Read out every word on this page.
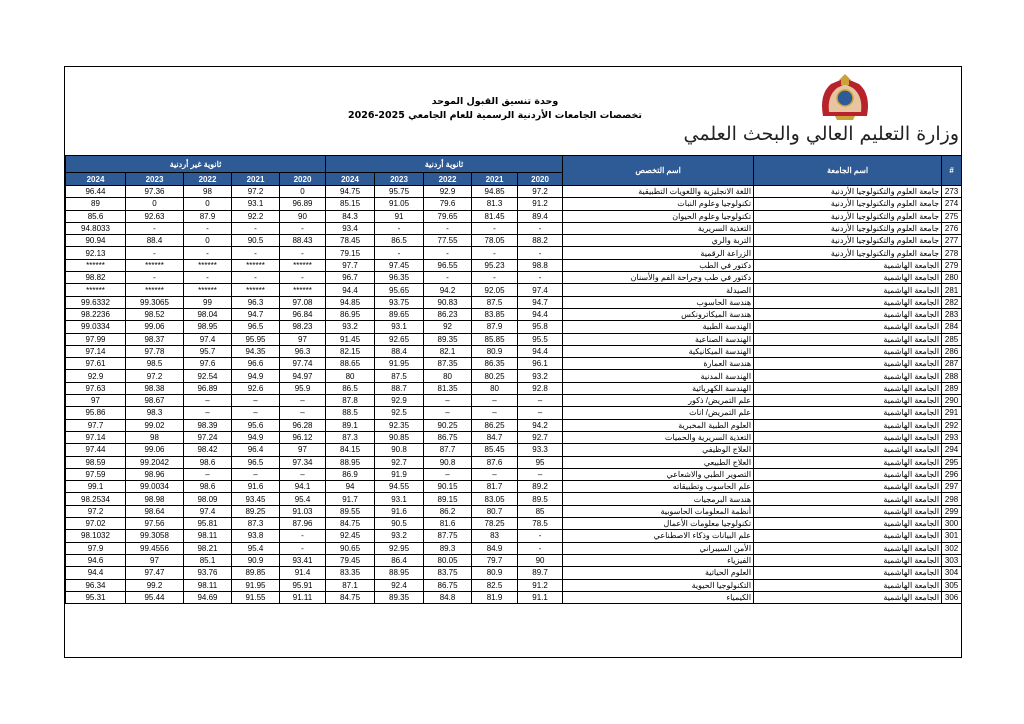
وحدة تنسيق القبول الموحد
تخصصات الجامعات الأردنية الرسمية للعام الجامعي 2025-2026
وزارة التعليم العالي والبحث العلمي
ثانوية غير أردنية					ثانوية أردنية					اسم التخصص	اسم الجامعة	#
2024	2023	2022	2021	2020	2024	2023	2022	2021	2020			
96.44	97.36	98	97.2	0	94.75	95.75	92.9	94.85	97.2	اللغة الانجليزية واللغويات التطبيقية	جامعة العلوم والتكنولوجيا الأردنية	273
89	0	0	93.1	96.89	85.15	91.05	79.6	81.3	91.2	تكنولوجيا وعلوم النبات	جامعة العلوم والتكنولوجيا الأردنية	274
85.6	92.63	87.9	92.2	90	84.3	91	79.65	81.45	89.4	تكنولوجيا وعلوم الحيوان	جامعة العلوم والتكنولوجيا الأردنية	275
94.8033	-	-	-	-	93.4	-	-	-	-	التغذية السريرية	جامعة العلوم والتكنولوجيا الأردنية	276
90.94	88.4	0	90.5	88.43	78.45	86.5	77.55	78.05	88.2	التربة والري	جامعة العلوم والتكنولوجيا الأردنية	277
92.13	-	-	-	-	79.15	-	-	-	-	الزراعة الرقمية	جامعة العلوم والتكنولوجيا الأردنية	278
******	******	******	******	******	97.7	97.45	96.55	95.23	98.8	دكتور في الطب	الجامعة الهاشمية	279
98.82	-	-	-	-	96.7	96.35	-	-	-	دكتور في طب وجراحة الفم والأسنان	الجامعة الهاشمية	280
******	******	******	******	******	94.4	95.65	94.2	92.05	97.4	الصيدلة	الجامعة الهاشمية	281
99.6332	99.3065	99	96.3	97.08	94.85	93.75	90.83	87.5	94.7	هندسة الحاسوب	الجامعة الهاشمية	282
98.2236	98.52	98.04	94.7	96.84	86.95	89.65	86.23	83.85	94.4	هندسة الميكاترونكس	الجامعة الهاشمية	283
99.0334	99.06	98.95	96.5	98.23	93.2	93.1	92	87.9	95.8	الهندسة الطبية	الجامعة الهاشمية	284
97.99	98.37	97.4	95.95	97	91.45	92.65	89.35	85.85	95.5	الهندسة الصناعية	الجامعة الهاشمية	285
97.14	97.78	95.7	94.35	96.3	82.15	88.4	82.1	80.9	94.4	الهندسة الميكانيكية	الجامعة الهاشمية	286
97.61	98.5	97.6	96.6	97.74	88.65	91.95	87.35	86.35	96.1	هندسة العمارة	الجامعة الهاشمية	287
92.9	97.2	92.54	94.9	94.97	80	87.5	80	80.25	93.2	الهندسة المدنية	الجامعة الهاشمية	288
97.63	98.38	96.89	92.6	95.9	86.5	88.7	81.35	80	92.8	الهندسة الكهربائية	الجامعة الهاشمية	289
97	98.67	–	–	–	87.8	92.9	–	–	–	علم التمريض/ ذكور	الجامعة الهاشمية	290
95.86	98.3	–	–	–	88.5	92.5	–	–	–	علم التمريض/ اناث	الجامعة الهاشمية	291
97.7	99.02	98.39	95.6	96.28	89.1	92.35	90.25	86.25	94.2	العلوم الطبية المخبرية	الجامعة الهاشمية	292
97.14	98	97.24	94.9	96.12	87.3	90.85	86.75	84.7	92.7	التغذية السريرية والحميات	الجامعة الهاشمية	293
97.44	99.06	98.42	96.4	97	84.15	90.8	87.7	85.45	93.3	العلاج الوظيفي	الجامعة الهاشمية	294
98.59	99.2042	98.6	96.5	97.34	88.95	92.7	90.8	87.6	95	العلاج الطبيعي	الجامعة الهاشمية	295
97.59	98.96	–	–	–	86.9	91.9	–	–	–	التصوير الطبي والاشعاعي	الجامعة الهاشمية	296
99.1	99.0034	98.6	91.6	94.1	94	94.55	90.15	81.7	89.2	علم الحاسوب وتطبيقاته	الجامعة الهاشمية	297
98.2534	98.98	98.09	93.45	95.4	91.7	93.1	89.15	83.05	89.5	هندسة البرمجيات	الجامعة الهاشمية	298
97.2	98.64	97.4	89.25	91.03	89.55	91.6	86.2	80.7	85	أنظمة المعلومات الحاسوبية	الجامعة الهاشمية	299
97.02	97.56	95.81	87.3	87.96	84.75	90.5	81.6	78.25	78.5	تكنولوجيا معلومات الأعمال	الجامعة الهاشمية	300
98.1032	99.3058	98.11	93.8	-	92.45	93.2	87.75	83	-	علم البيانات وذكاء الاصطناعي	الجامعة الهاشمية	301
97.9	99.4556	98.21	95.4	-	90.65	92.95	89.3	84.9	-	الأمن السيبراني	الجامعة الهاشمية	302
94.6	97	85.1	90.9	93.41	79.45	86.4	80.05	79.7	90	الفيزياء	الجامعة الهاشمية	303
94.4	97.47	93.76	89.85	91.4	83.35	88.95	83.75	80.9	89.7	العلوم الحياتية	الجامعة الهاشمية	304
96.34	99.2	98.11	91.95	95.91	87.1	92.4	86.75	82.5	91.2	التكنولوجيا الحيوية	الجامعة الهاشمية	305
95.31	95.44	94.69	91.55	91.11	84.75	89.35	84.8	81.9	91.1	الكيمياء	الجامعة الهاشمية	306
